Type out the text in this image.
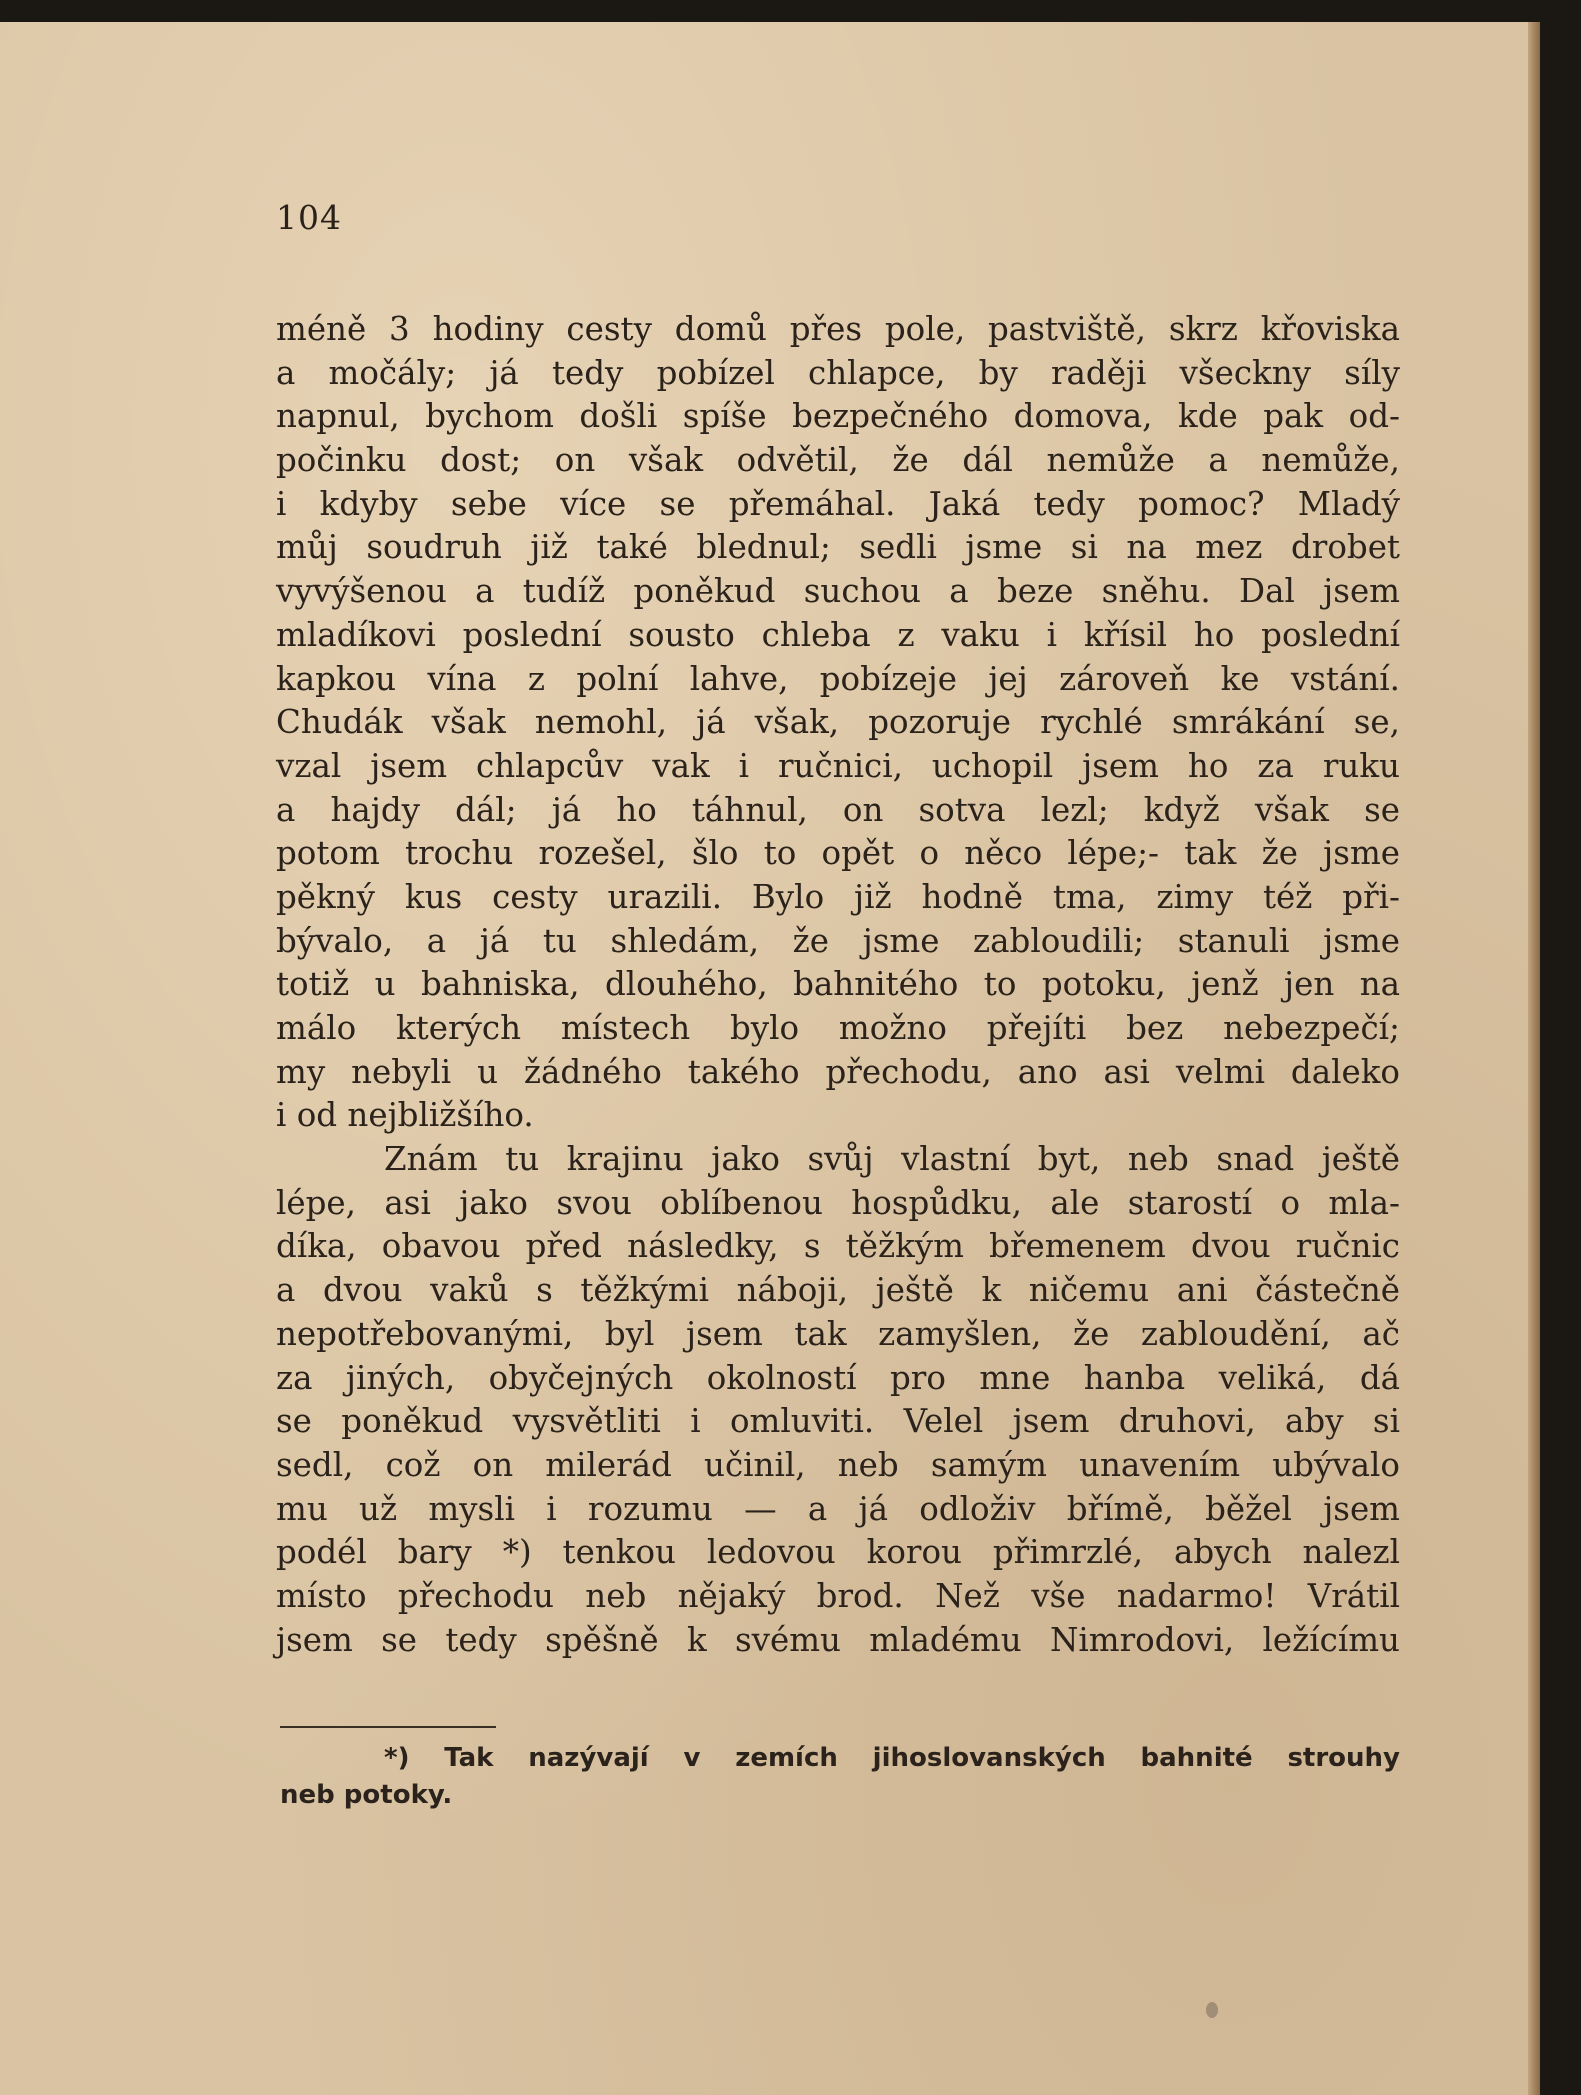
104
méně 3 hodiny cesty domů přes pole, pastviště, skrz křoviska
a močály; já tedy pobízel chlapce, by raději všeckny síly
napnul, bychom došli spíše bezpečného domova, kde pak od-
počinku dost; on však odvětil, že dál nemůže a nemůže,
i kdyby sebe více se přemáhal. Jaká tedy pomoc? Mladý
můj soudruh již také blednul; sedli jsme si na mez drobet
vyvýšenou a tudíž poněkud suchou a beze sněhu. Dal jsem
mladíkovi poslední sousto chleba z vaku i křísil ho poslední
kapkou vína z polní lahve, pobízeje jej zároveň ke vstání.
Chudák však nemohl, já však, pozoruje rychlé smrákání se,
vzal jsem chlapcův vak i ručnici, uchopil jsem ho za ruku
a hajdy dál; já ho táhnul, on sotva lezl; když však se
potom trochu rozešel, šlo to opět o něco lépe;- tak že jsme
pěkný kus cesty urazili. Bylo již hodně tma, zimy též při-
bývalo, a já tu shledám, že jsme zabloudili; stanuli jsme
totiž u bahniska, dlouhého, bahnitého to potoku, jenž jen na
málo kterých místech bylo možno přejíti bez nebezpečí;
my nebyli u žádného takého přechodu, ano asi velmi daleko
i od nejbližšího.
Znám tu krajinu jako svůj vlastní byt, neb snad ještě
lépe, asi jako svou oblíbenou hospůdku, ale starostí o mla-
díka, obavou před následky, s těžkým břemenem dvou ručnic
a dvou vaků s těžkými náboji, ještě k ničemu ani částečně
nepotřebovanými, byl jsem tak zamyšlen, že zabloudění, ač
za jiných, obyčejných okolností pro mne hanba veliká, dá
se poněkud vysvětliti i omluviti. Velel jsem druhovi, aby si
sedl, což on milerád učinil, neb samým unavením ubývalo
mu už mysli i rozumu — a já odloživ břímě, běžel jsem
podél bary *) tenkou ledovou korou přimrzlé, abych nalezl
místo přechodu neb nějaký brod. Než vše nadarmo! Vrátil
jsem se tedy spěšně k svému mladému Nimrodovi, ležícímu
*) Tak nazývají v zemích jihoslovanských bahnité strouhy
neb potoky.
